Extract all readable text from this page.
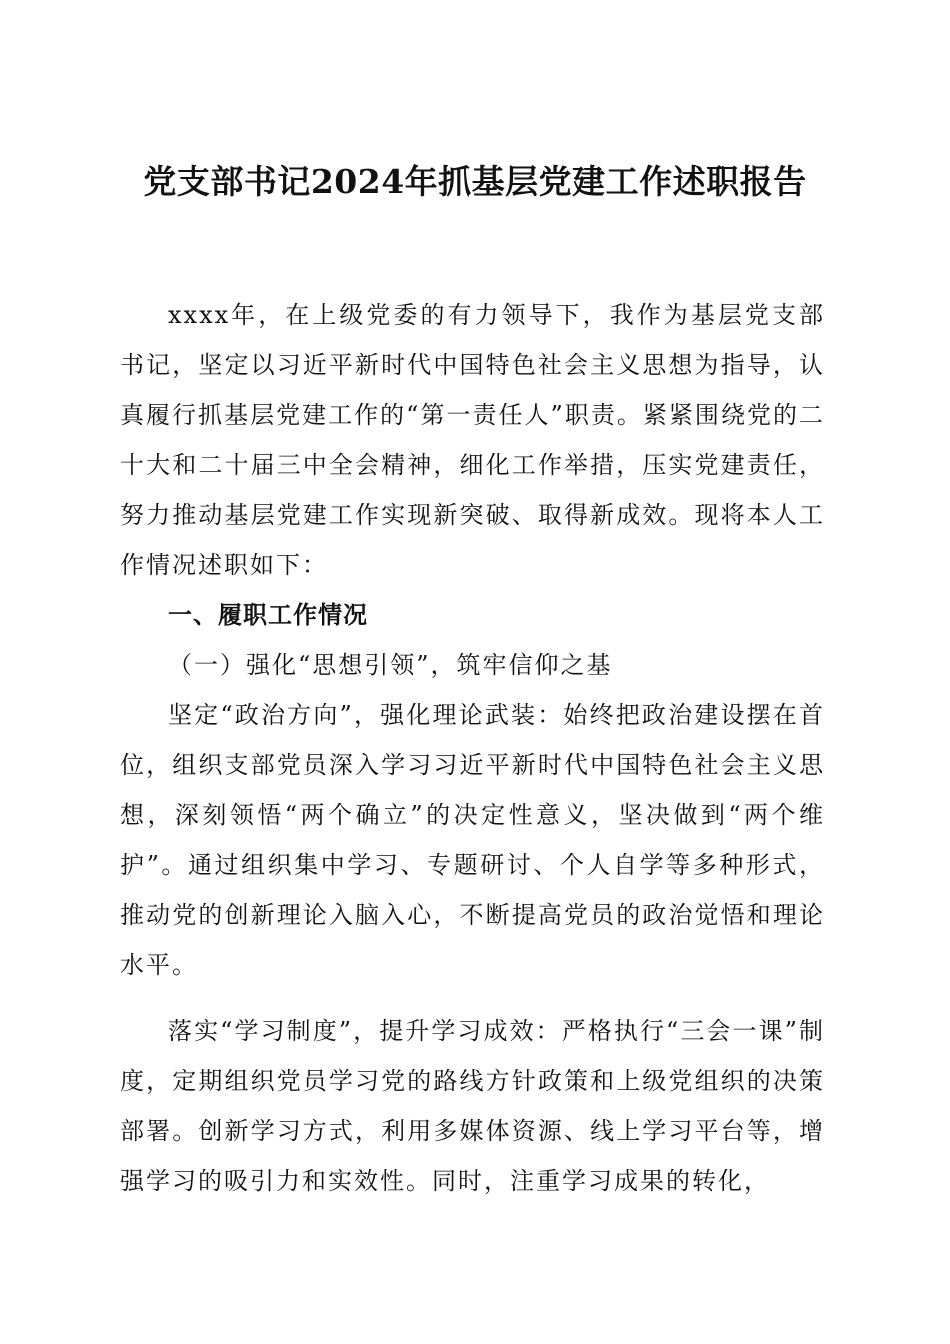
党支部书记2024年抓基层党建工作述职报告

xxxx年，在上级党委的有力领导下，我作为基层党支部书记，坚定以习近平新时代中国特色社会主义思想为指导，认真履行抓基层党建工作的“第一责任人”职责。紧紧围绕党的二十大和二十届三中全会精神，细化工作举措，压实党建责任，努力推动基层党建工作实现新突破、取得新成效。现将本人工作情况述职如下：

一、履职工作情况
（一）强化“思想引领”，筑牢信仰之基

坚定“政治方向”，强化理论武装：始终把政治建设摆在首位，组织支部党员深入学习习近平新时代中国特色社会主义思想，深刻领悟“两个确立”的决定性意义，坚决做到“两个维护”。通过组织集中学习、专题研讨、个人自学等多种形式，推动党的创新理论入脑入心，不断提高党员的政治觉悟和理论水平。

落实“学习制度”，提升学习成效：严格执行“三会一课”制度，定期组织党员学习党的路线方针政策和上级党组织的决策部署。创新学习方式，利用多媒体资源、线上学习平台等，增强学习的吸引力和实效性。同时，注重学习成果的转化，
